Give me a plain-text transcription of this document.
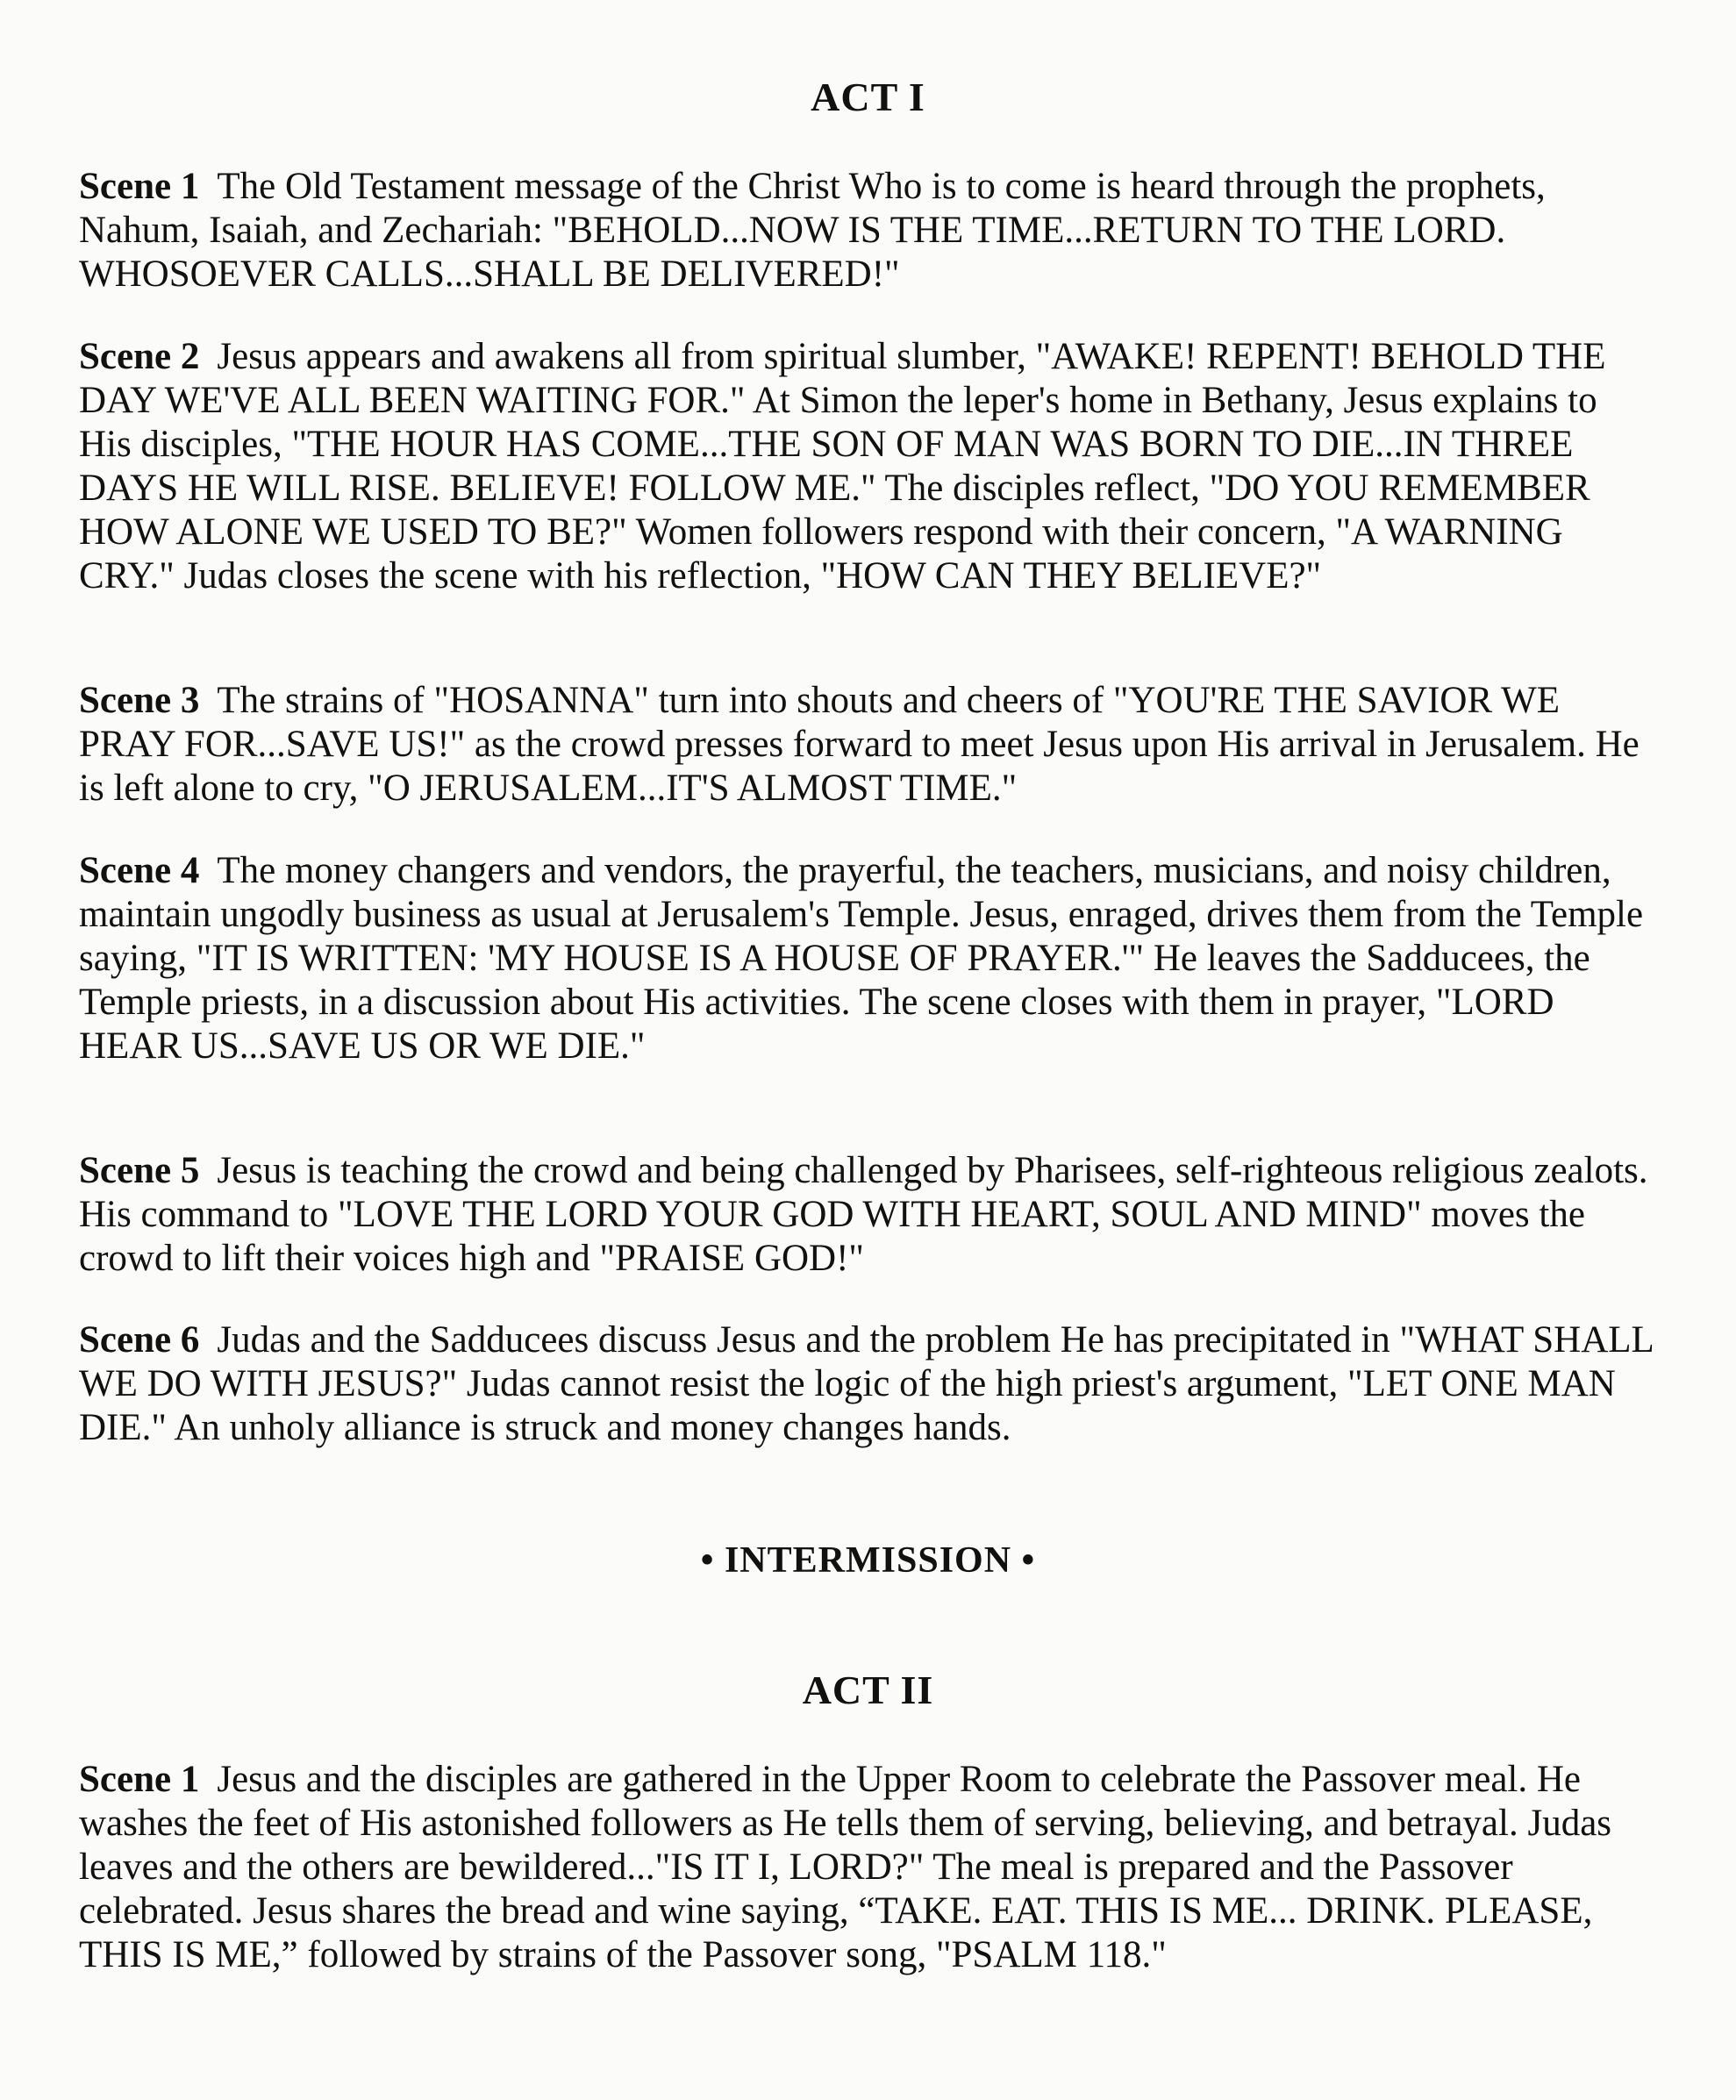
ACT I

Scene 1 The Old Testament message of the Christ Who is to come is heard through the prophets, Nahum, Isaiah, and Zechariah: "BEHOLD...NOW IS THE TIME...RETURN TO THE LORD. WHOSOEVER CALLS...SHALL BE DELIVERED!"

Scene 2 Jesus appears and awakens all from spiritual slumber, "AWAKE! REPENT! BEHOLD THE DAY WE'VE ALL BEEN WAITING FOR." At Simon the leper's home in Bethany, Jesus explains to His disciples, "THE HOUR HAS COME...THE SON OF MAN WAS BORN TO DIE...IN THREE DAYS HE WILL RISE. BELIEVE! FOLLOW ME." The disciples reflect, "DO YOU REMEMBER HOW ALONE WE USED TO BE?" Women followers respond with their concern, "A WARNING CRY." Judas closes the scene with his reflection, "HOW CAN THEY BELIEVE?"

Scene 3 The strains of "HOSANNA" turn into shouts and cheers of "YOU'RE THE SAVIOR WE PRAY FOR...SAVE US!" as the crowd presses forward to meet Jesus upon His arrival in Jerusalem. He is left alone to cry, "O JERUSALEM...IT'S ALMOST TIME."

Scene 4 The money changers and vendors, the prayerful, the teachers, musicians, and noisy children, maintain ungodly business as usual at Jerusalem's Temple. Jesus, enraged, drives them from the Temple saying, "IT IS WRITTEN: 'MY HOUSE IS A HOUSE OF PRAYER.'" He leaves the Sadducees, the Temple priests, in a discussion about His activities. The scene closes with them in prayer, "LORD HEAR US...SAVE US OR WE DIE."

Scene 5 Jesus is teaching the crowd and being challenged by Pharisees, self-righteous religious zealots. His command to "LOVE THE LORD YOUR GOD WITH HEART, SOUL AND MIND" moves the crowd to lift their voices high and "PRAISE GOD!"

Scene 6 Judas and the Sadducees discuss Jesus and the problem He has precipitated in "WHAT SHALL WE DO WITH JESUS?" Judas cannot resist the logic of the high priest's argument, "LET ONE MAN DIE." An unholy alliance is struck and money changes hands.

• INTERMISSION •

ACT II

Scene 1 Jesus and the disciples are gathered in the Upper Room to celebrate the Passover meal. He washes the feet of His astonished followers as He tells them of serving, believing, and betrayal. Judas leaves and the others are bewildered..."IS IT I, LORD?" The meal is prepared and the Passover celebrated. Jesus shares the bread and wine saying, “TAKE. EAT. THIS IS ME... DRINK. PLEASE, THIS IS ME,” followed by strains of the Passover song, "PSALM 118."
